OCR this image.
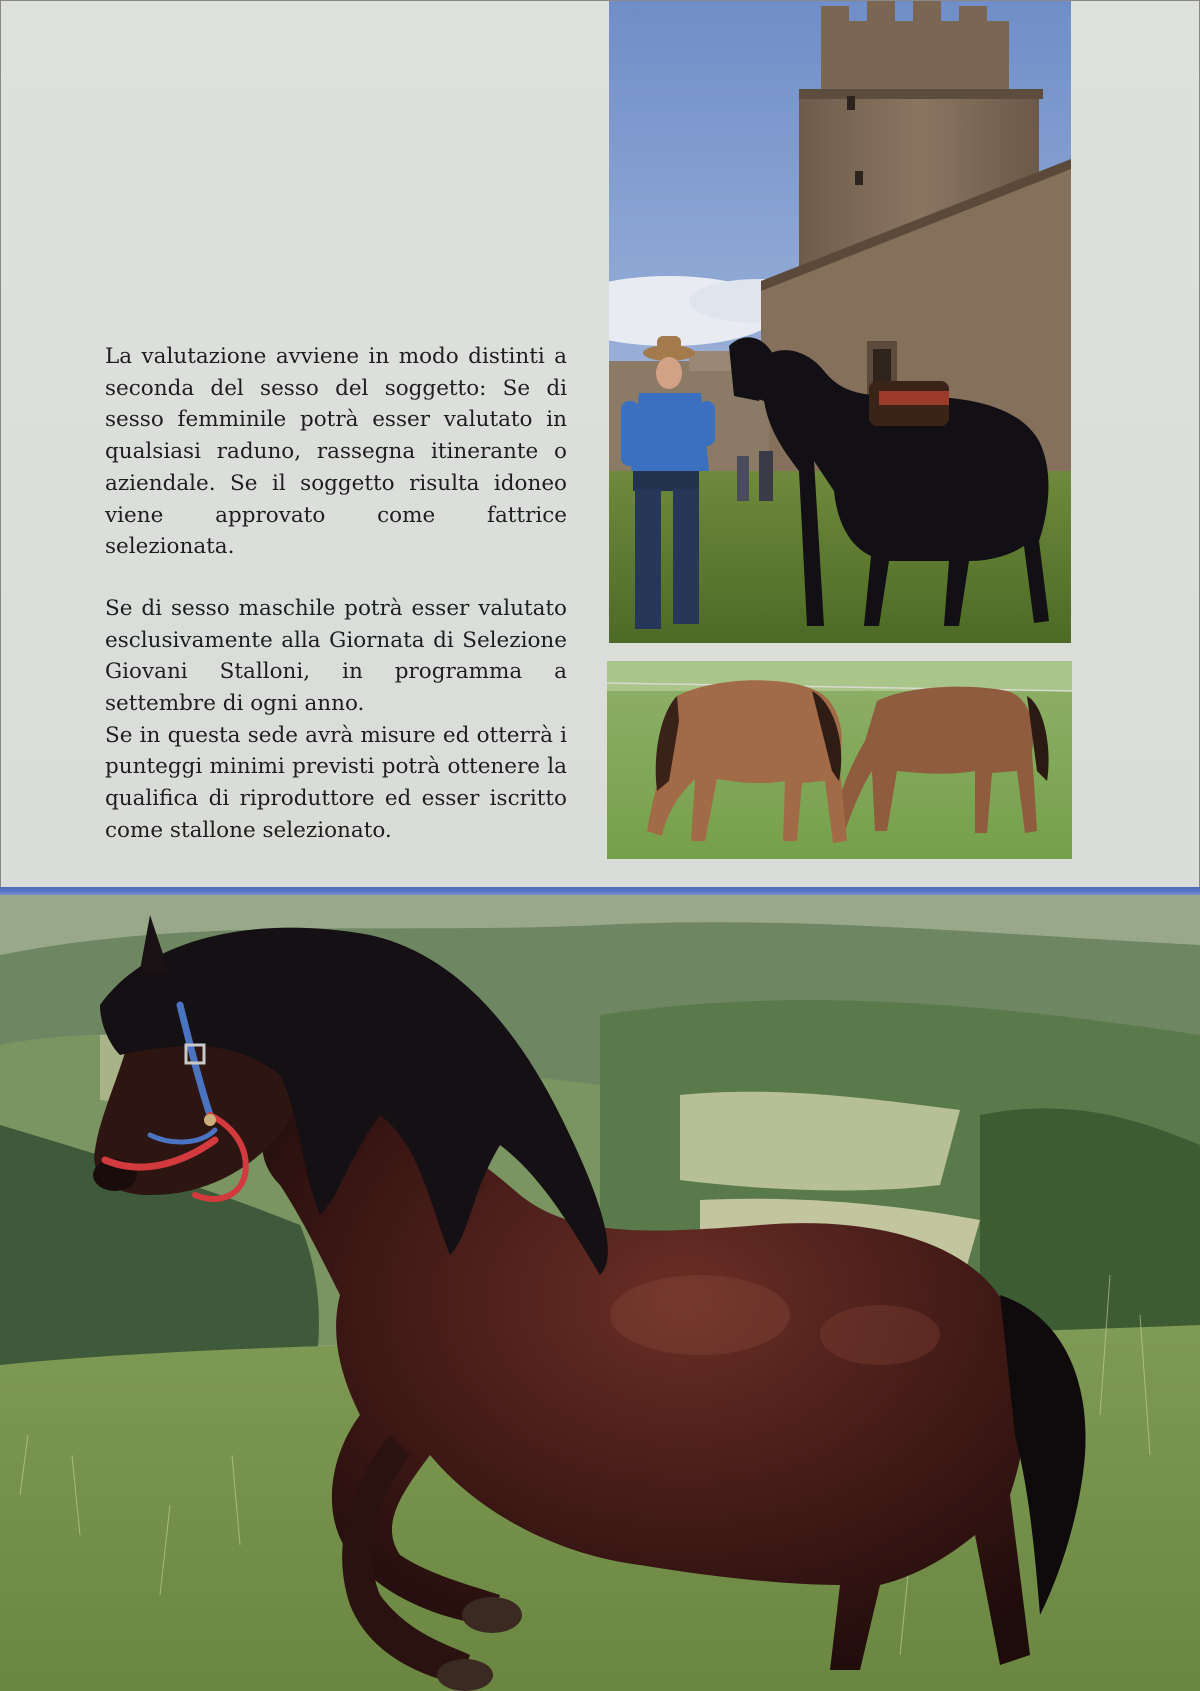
La valutazione avviene in modo distinti a seconda del sesso del soggetto: Se di sesso femminile potrà esser valutato in qualsiasi raduno, rassegna itinerante o aziendale. Se il soggetto risulta idoneo viene approvato come fattrice selezionata.

Se di sesso maschile potrà esser valutato esclusivamente alla Giornata di Selezione Giovani Stalloni, in programma a settembre di ogni anno.

Se in questa sede avrà misure ed otterrà i punteggi minimi previsti potrà ottenere la qualifica di riproduttore ed esser iscritto come stallone selezionato.
